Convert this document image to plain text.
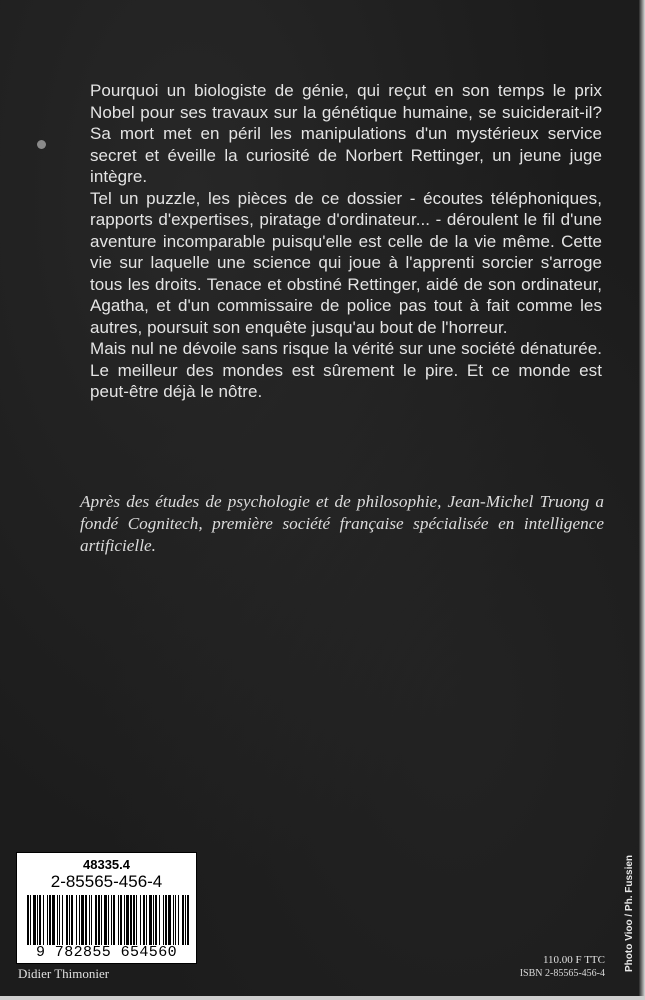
Pourquoi un biologiste de génie, qui reçut en son temps le prix Nobel pour ses travaux sur la génétique humaine, se suiciderait-il? Sa mort met en péril les manipulations d'un mystérieux service secret et éveille la curiosité de Norbert Rettinger, un jeune juge intègre.

Tel un puzzle, les pièces de ce dossier - écoutes téléphoniques, rapports d'expertises, piratage d'ordinateur... - déroulent le fil d'une aventure incomparable puisqu'elle est celle de la vie même. Cette vie sur laquelle une science qui joue à l'apprenti sorcier s'arroge tous les droits. Tenace et obstiné Rettinger, aidé de son ordinateur, Agatha, et d'un commissaire de police pas tout à fait comme les autres, poursuit son enquête jusqu'au bout de l'horreur.

Mais nul ne dévoile sans risque la vérité sur une société dénaturée. Le meilleur des mondes est sûrement le pire. Et ce monde est peut-être déjà le nôtre.

Après des études de psychologie et de philosophie, Jean-Michel Truong a fondé Cognitech, première société française spécialisée en intelligence artificielle.

48335.4
2-85565-456-4
9 782855 654560
Didier Thimonier
110.00 F TTC
ISBN 2-85565-456-4
Photo Vioo / Ph. Fussien
